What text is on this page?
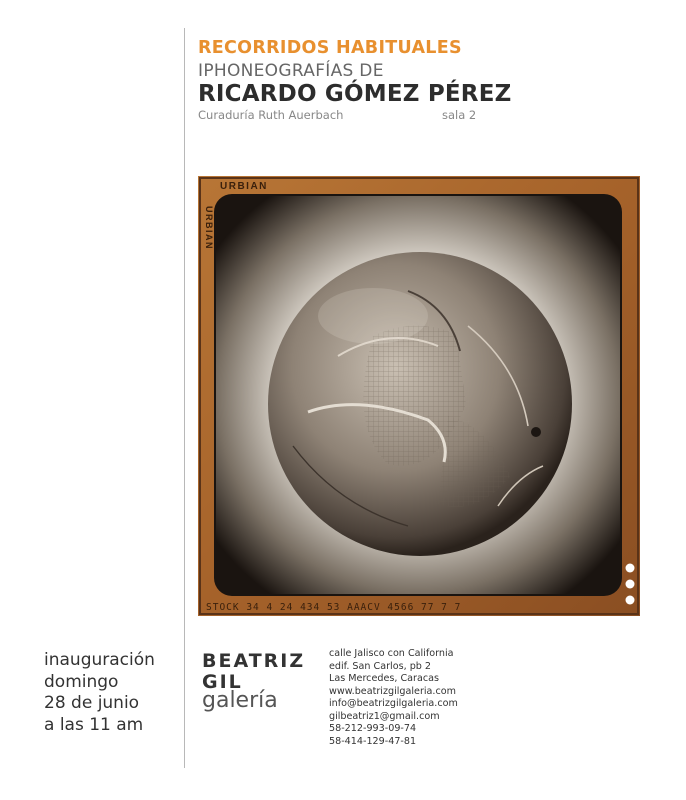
RECORRIDOS HABITUALES
IPHONEOGRAFÍAS DE
RICARDO GÓMEZ PÉREZ
Curaduría Ruth Auerbach	sala 2
URBIAN
URBIAN
STOCK 34 4 24 434 53 AAACV 4566 77 7 7
inauguración
domingo
28 de junio
a las 11 am
BEATRIZ
GIL
galería
calle Jalisco con California
edif. San Carlos, pb 2
Las Mercedes, Caracas
www.beatrizgilgaleria.com
info@beatrizgilgaleria.com
gilbeatriz1@gmail.com
58-212-993-09-74
58-414-129-47-81
